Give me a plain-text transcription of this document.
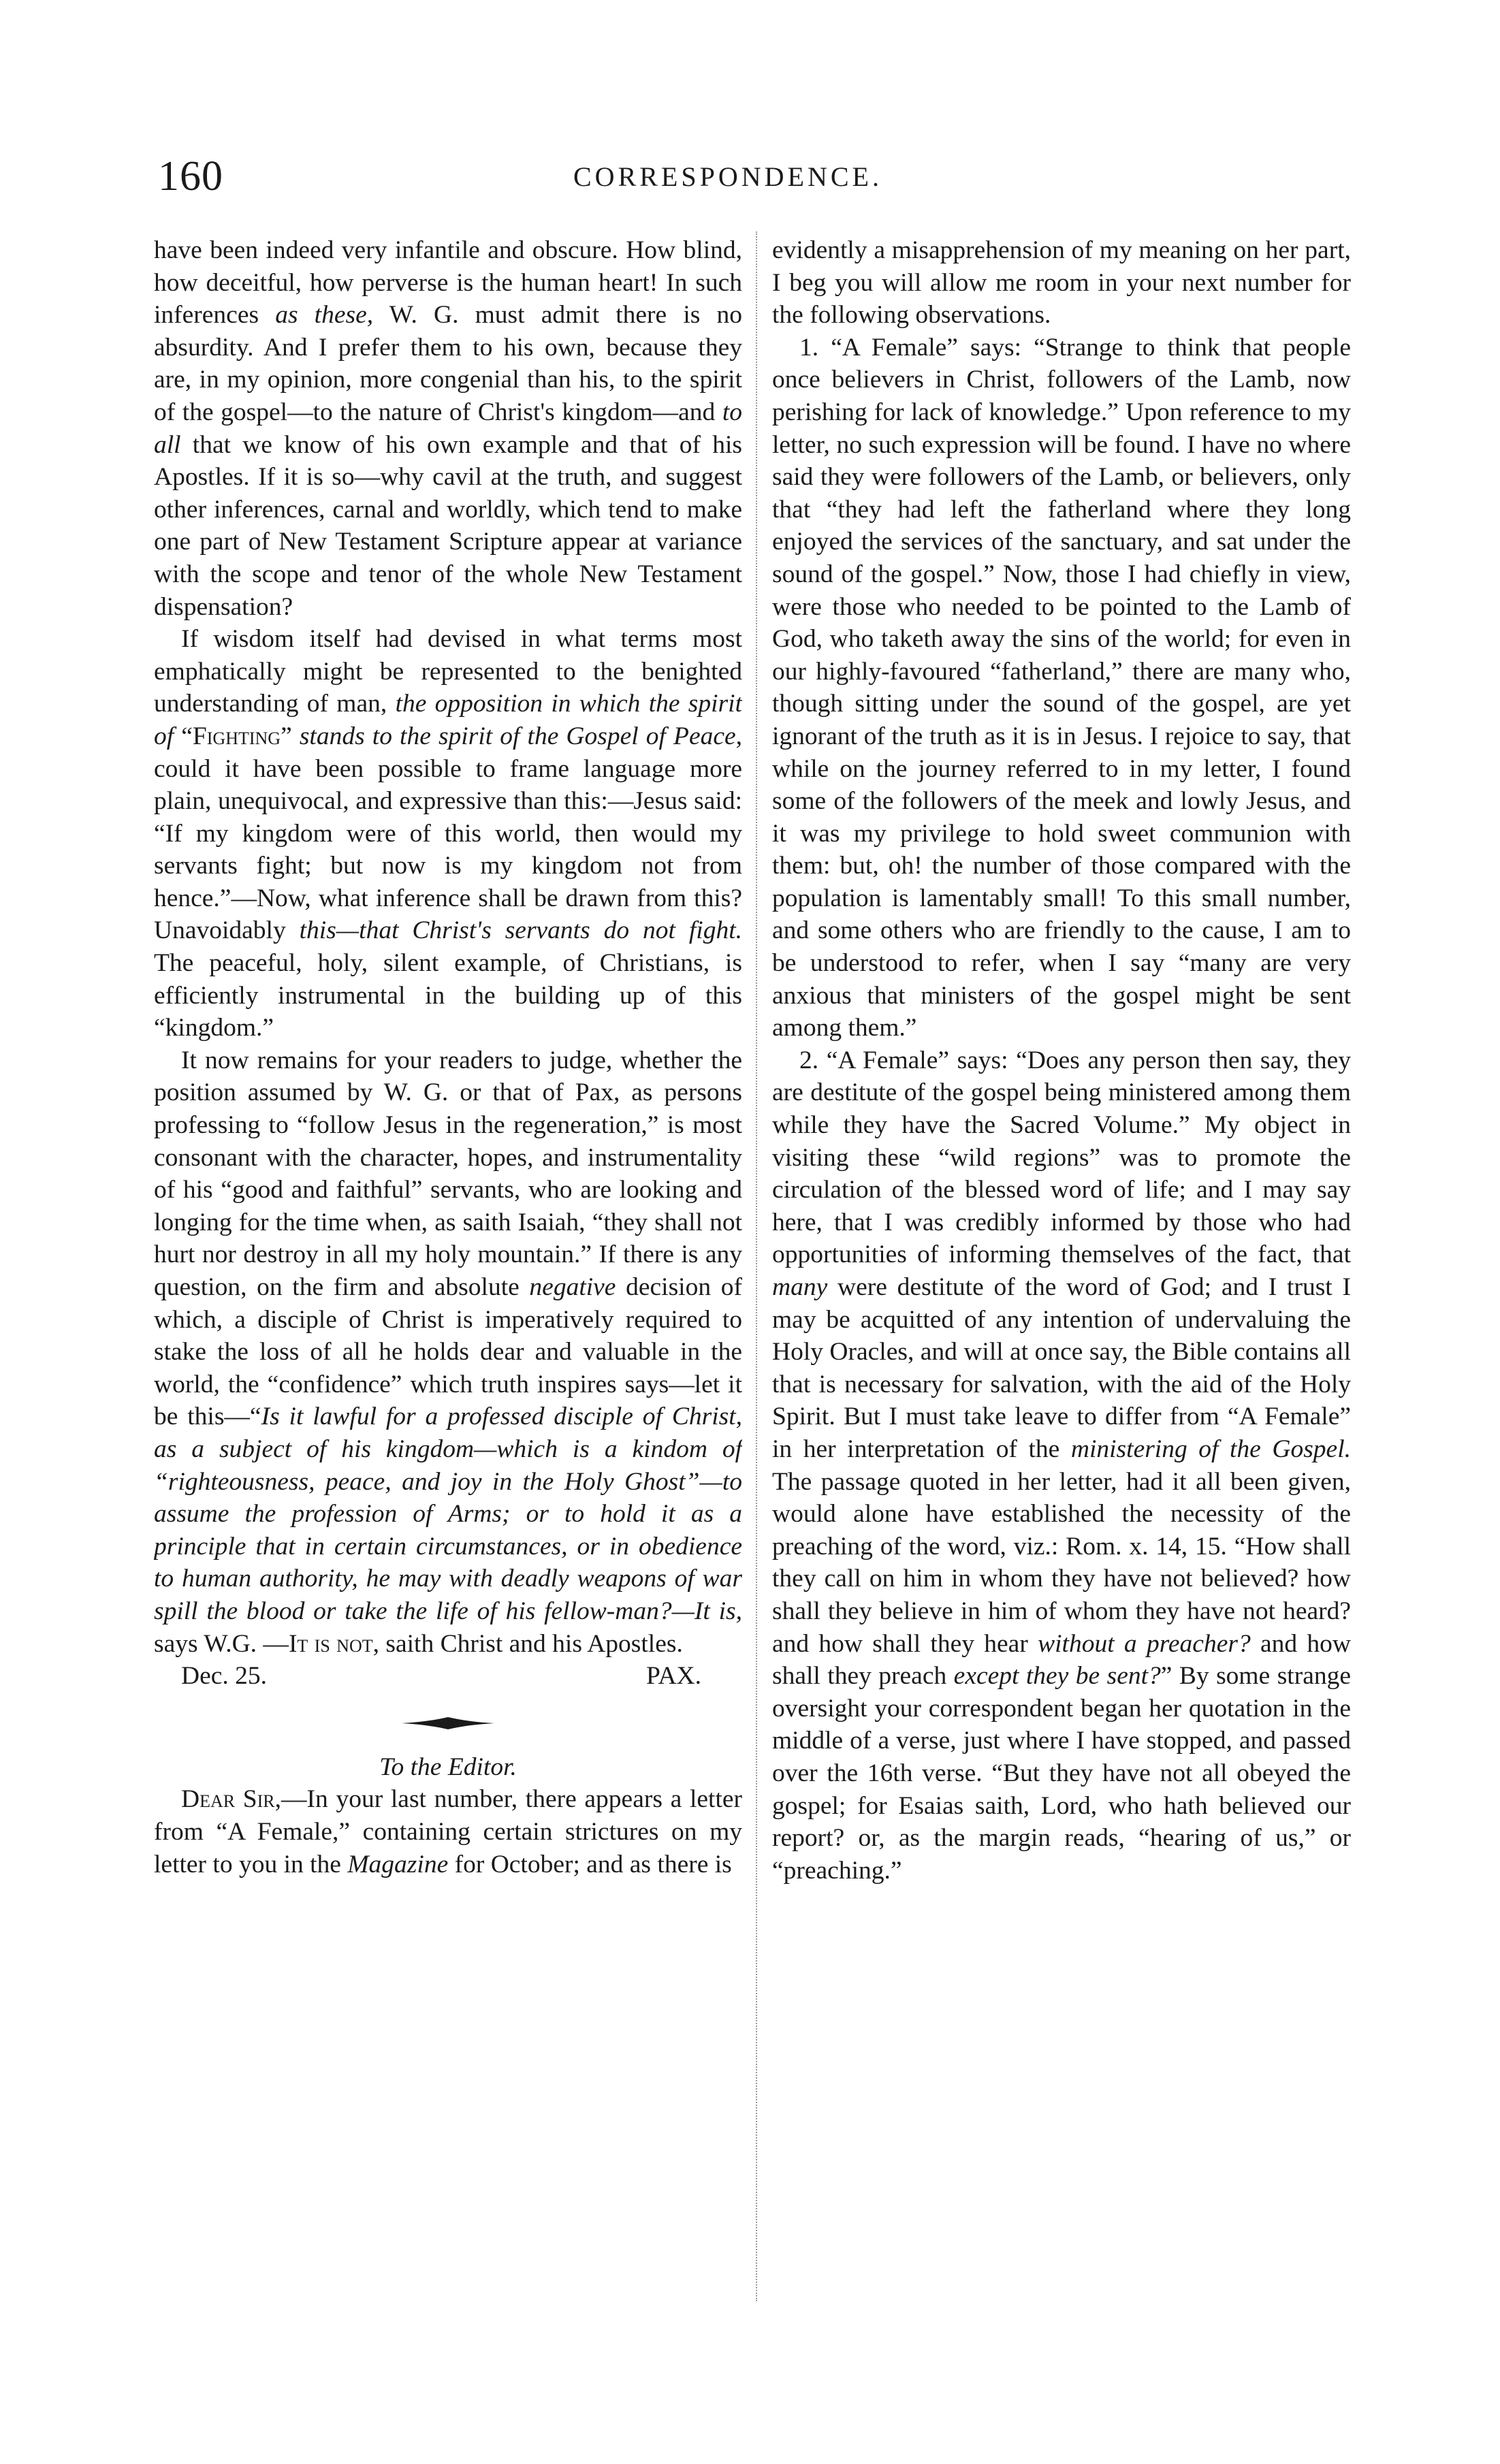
160	CORRESPONDENCE.

have been indeed very infantile and obscure. How blind, how deceitful, how perverse is the human heart! In such inferences as these, W. G. must admit there is no absurdity. And I prefer them to his own, because they are, in my opinion, more congenial than his, to the spirit of the gospel—to the nature of Christ's kingdom—and to all that we know of his own example and that of his Apostles. If it is so—why cavil at the truth, and suggest other inferences, carnal and worldly, which tend to make one part of New Testament Scripture appear at variance with the scope and tenor of the whole New Testament dispensation?

If wisdom itself had devised in what terms most emphatically might be represented to the benighted understanding of man, the opposition in which the spirit of “Fighting” stands to the spirit of the Gospel of Peace, could it have been possible to frame language more plain, unequivocal, and expressive than this:—Jesus said: “If my kingdom were of this world, then would my servants fight; but now is my kingdom not from hence.”—Now, what inference shall be drawn from this? Unavoidably this—that Christ's servants do not fight. The peaceful, holy, silent example, of Christians, is efficiently instrumental in the building up of this “kingdom.”

It now remains for your readers to judge, whether the position assumed by W. G. or that of Pax, as persons professing to “follow Jesus in the regeneration,” is most consonant with the character, hopes, and instrumentality of his “good and faithful” servants, who are looking and longing for the time when, as saith Isaiah, “they shall not hurt nor destroy in all my holy mountain.” If there is any question, on the firm and absolute negative decision of which, a disciple of Christ is imperatively required to stake the loss of all he holds dear and valuable in the world, the “confidence” which truth inspires says—let it be this—“Is it lawful for a professed disciple of Christ, as a subject of his kingdom—which is a kindom of “righteousness, peace, and joy in the Holy Ghost”—to assume the profession of Arms; or to hold it as a principle that in certain circumstances, or in obedience to human authority, he may with deadly weapons of war spill the blood or take the life of his fellow-man?—It is, says W.G. —It is not, saith Christ and his Apostles.

Dec. 25.	PAX.

To the Editor.

Dear Sir,—In your last number, there appears a letter from “A Female,” containing certain strictures on my letter to you in the Magazine for October; and as there is

evidently a misapprehension of my meaning on her part, I beg you will allow me room in your next number for the following observations.

1. “A Female” says: “Strange to think that people once believers in Christ, followers of the Lamb, now perishing for lack of knowledge.” Upon reference to my letter, no such expression will be found. I have no where said they were followers of the Lamb, or believers, only that “they had left the fatherland where they long enjoyed the services of the sanctuary, and sat under the sound of the gospel.” Now, those I had chiefly in view, were those who needed to be pointed to the Lamb of God, who taketh away the sins of the world; for even in our highly-favoured “fatherland,” there are many who, though sitting under the sound of the gospel, are yet ignorant of the truth as it is in Jesus. I rejoice to say, that while on the journey referred to in my letter, I found some of the followers of the meek and lowly Jesus, and it was my privilege to hold sweet communion with them: but, oh! the number of those compared with the population is lamentably small! To this small number, and some others who are friendly to the cause, I am to be understood to refer, when I say “many are very anxious that ministers of the gospel might be sent among them.”

2. “A Female” says: “Does any person then say, they are destitute of the gospel being ministered among them while they have the Sacred Volume.” My object in visiting these “wild regions” was to promote the circulation of the blessed word of life; and I may say here, that I was credibly informed by those who had opportunities of informing themselves of the fact, that many were destitute of the word of God; and I trust I may be acquitted of any intention of undervaluing the Holy Oracles, and will at once say, the Bible contains all that is necessary for salvation, with the aid of the Holy Spirit. But I must take leave to differ from “A Female” in her interpretation of the ministering of the Gospel. The passage quoted in her letter, had it all been given, would alone have established the necessity of the preaching of the word, viz.: Rom. x. 14, 15. “How shall they call on him in whom they have not believed? how shall they believe in him of whom they have not heard? and how shall they hear without a preacher? and how shall they preach except they be sent?” By some strange oversight your correspondent began her quotation in the middle of a verse, just where I have stopped, and passed over the 16th verse. “But they have not all obeyed the gospel; for Esaias saith, Lord, who hath believed our report? or, as the margin reads, “hearing of us,” or “preaching.”
